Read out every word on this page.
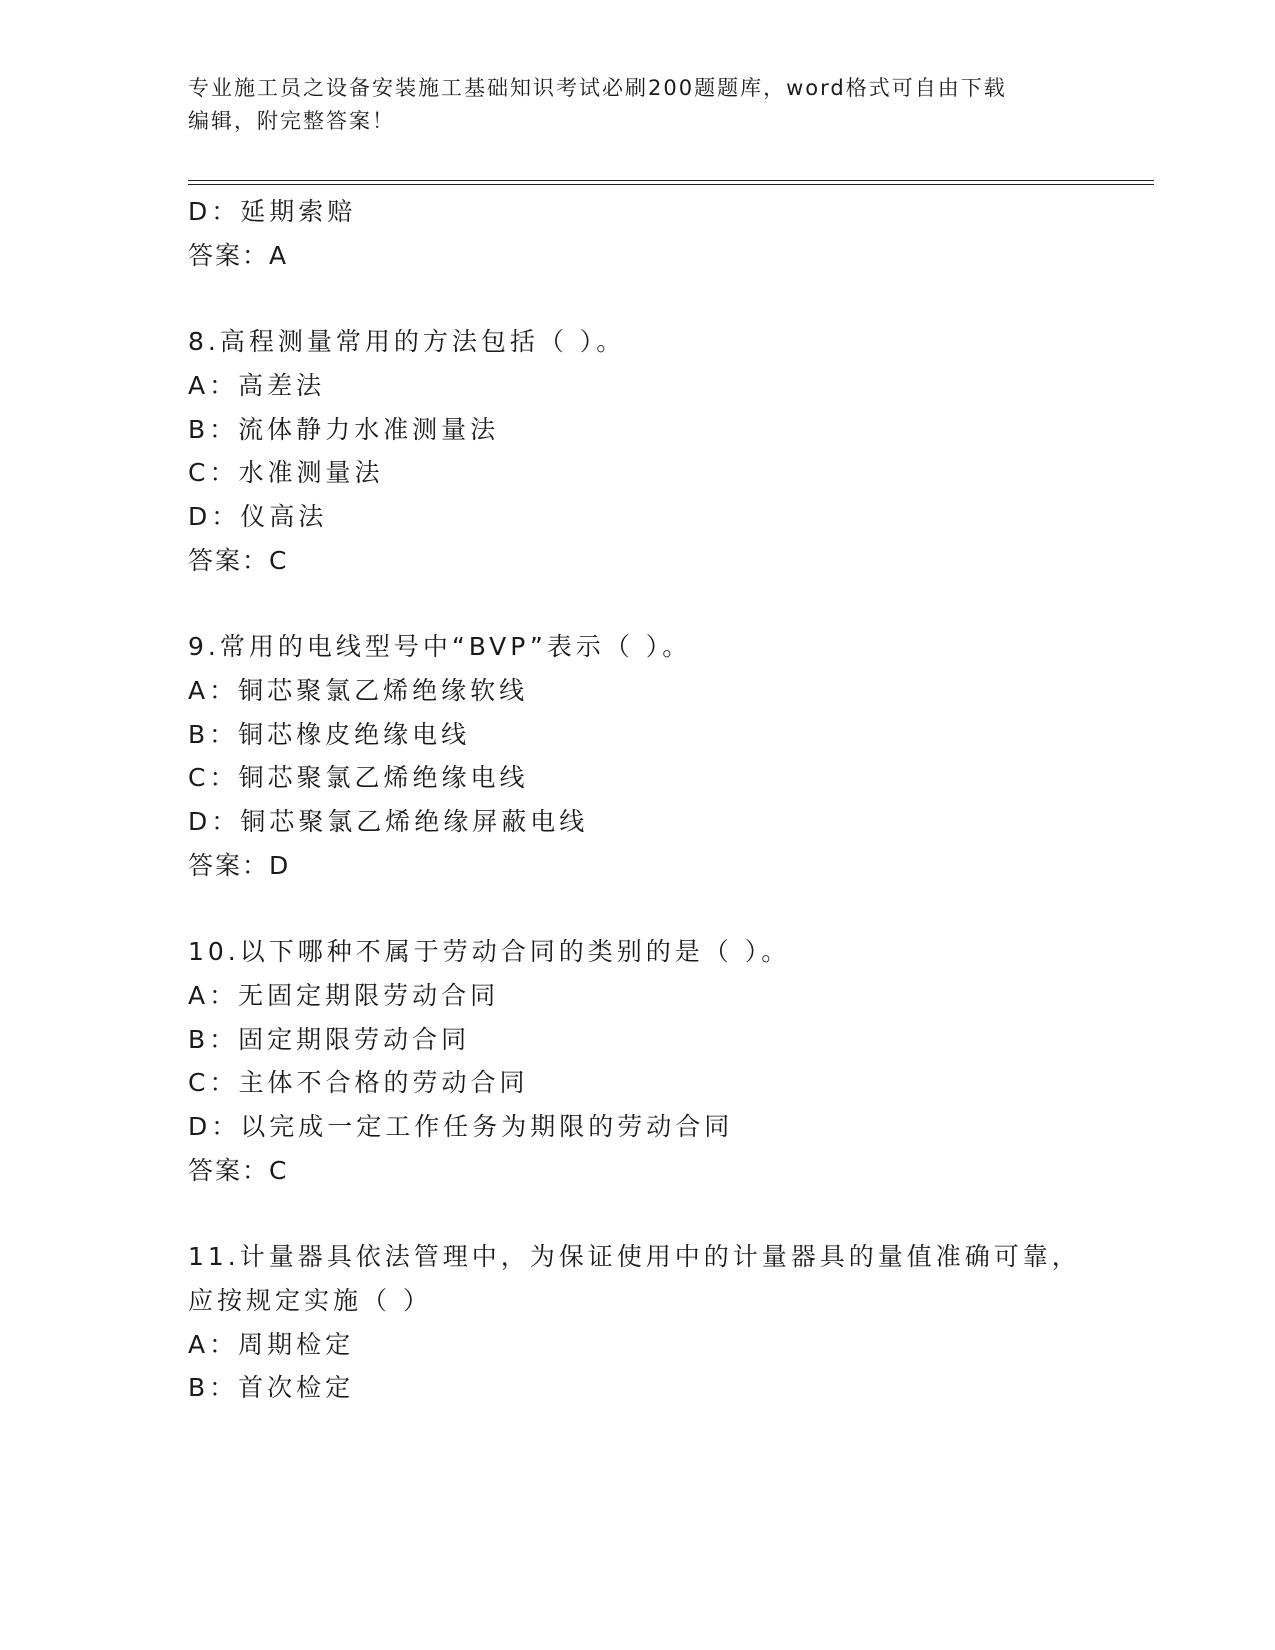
专业施工员之设备安装施工基础知识考试必刷200题题库，word格式可自由下载
编辑，附完整答案！
D：延期索赔
答案：A
8.高程测量常用的方法包括（ ）。
A：高差法
B：流体静力水准测量法
C：水准测量法
D：仪高法
答案：C
9.常用的电线型号中“BVP”表示（ ）。
A：铜芯聚氯乙烯绝缘软线
B：铜芯橡皮绝缘电线
C：铜芯聚氯乙烯绝缘电线
D：铜芯聚氯乙烯绝缘屏蔽电线
答案：D
10.以下哪种不属于劳动合同的类别的是（ ）。
A：无固定期限劳动合同
B：固定期限劳动合同
C：主体不合格的劳动合同
D：以完成一定工作任务为期限的劳动合同
答案：C
11.计量器具依法管理中，为保证使用中的计量器具的量值准确可靠，
应按规定实施（ ）
A：周期检定
B：首次检定
